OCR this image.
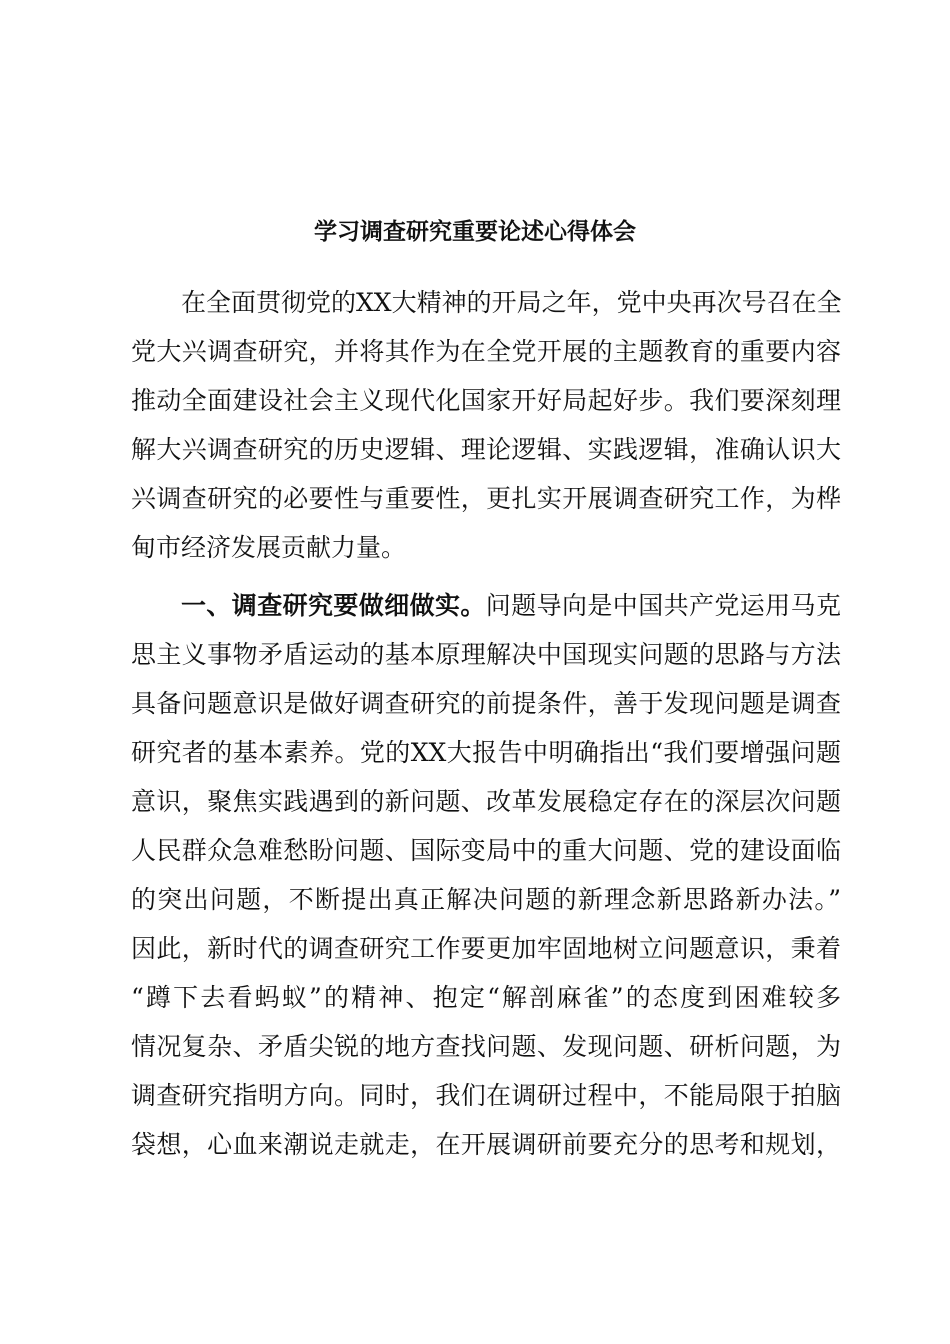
学习调查研究重要论述心得体会
在全面贯彻党的XX大精神的开局之年，党中央再次号召在全
党大兴调查研究，并将其作为在全党开展的主题教育的重要内容
推动全面建设社会主义现代化国家开好局起好步。我们要深刻理
解大兴调查研究的历史逻辑、理论逻辑、实践逻辑，准确认识大
兴调查研究的必要性与重要性，更扎实开展调查研究工作，为桦
甸市经济发展贡献力量。
一、调查研究要做细做实。问题导向是中国共产党运用马克
思主义事物矛盾运动的基本原理解决中国现实问题的思路与方法
具备问题意识是做好调查研究的前提条件，善于发现问题是调查
研究者的基本素养。党的XX大报告中明确指出“我们要增强问题
意识，聚焦实践遇到的新问题、改革发展稳定存在的深层次问题
人民群众急难愁盼问题、国际变局中的重大问题、党的建设面临
的突出问题，不断提出真正解决问题的新理念新思路新办法。”
因此，新时代的调查研究工作要更加牢固地树立问题意识，秉着
“蹲下去看蚂蚁”的精神、抱定“解剖麻雀”的态度到困难较多
情况复杂、矛盾尖锐的地方查找问题、发现问题、研析问题，为
调查研究指明方向。同时，我们在调研过程中，不能局限于拍脑
袋想，心血来潮说走就走，在开展调研前要充分的思考和规划，
